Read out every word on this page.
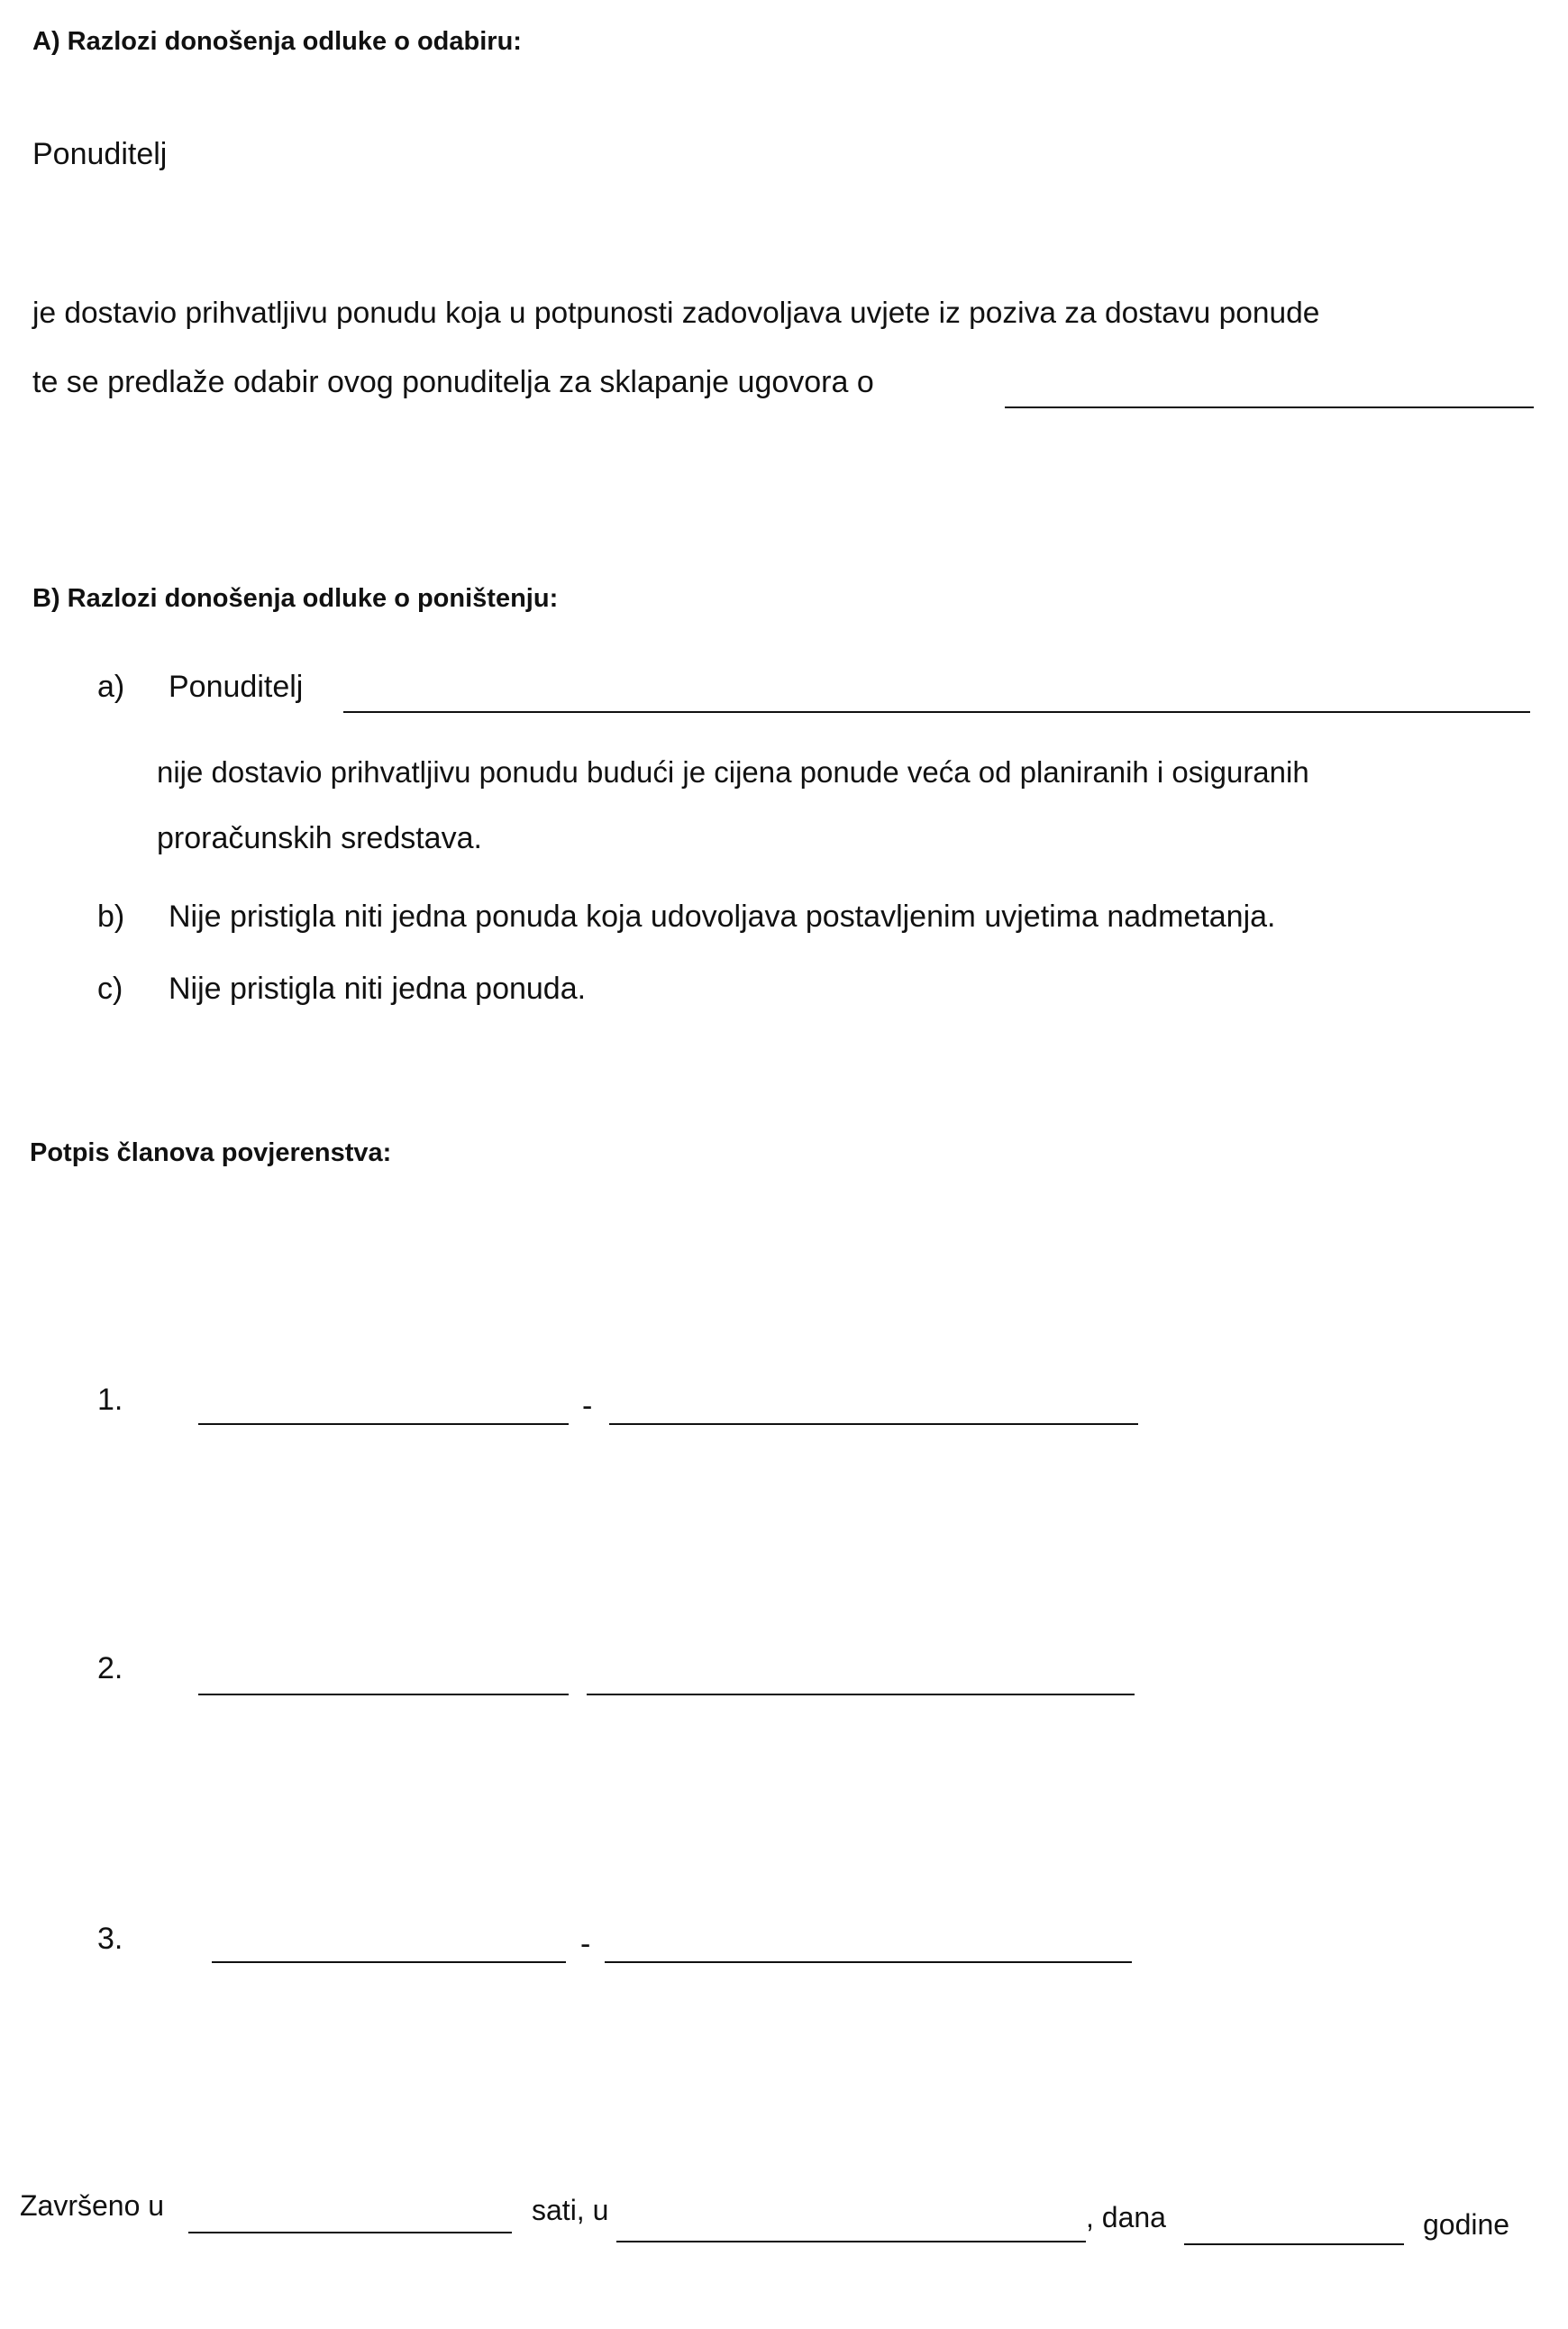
A) Razlozi donošenja odluke o odabiru:
Ponuditelj
je dostavio prihvatljivu ponudu koja u potpunosti zadovoljava uvjete iz poziva za dostavu ponude
te se predlaže odabir ovog ponuditelja za sklapanje ugovora o
B) Razlozi donošenja odluke o poništenju:
a) Ponuditelj
nije dostavio prihvatljivu ponudu budući je cijena ponude veća od planiranih i osiguranih
proračunskih sredstava.
b) Nije pristigla niti jedna ponuda koja udovoljava postavljenim uvjetima nadmetanja.
c) Nije pristigla niti jedna ponuda.
Potpis članova povjerenstva:
1.	-
2.
3.	-
Završeno u	sati, u	, dana	godine
